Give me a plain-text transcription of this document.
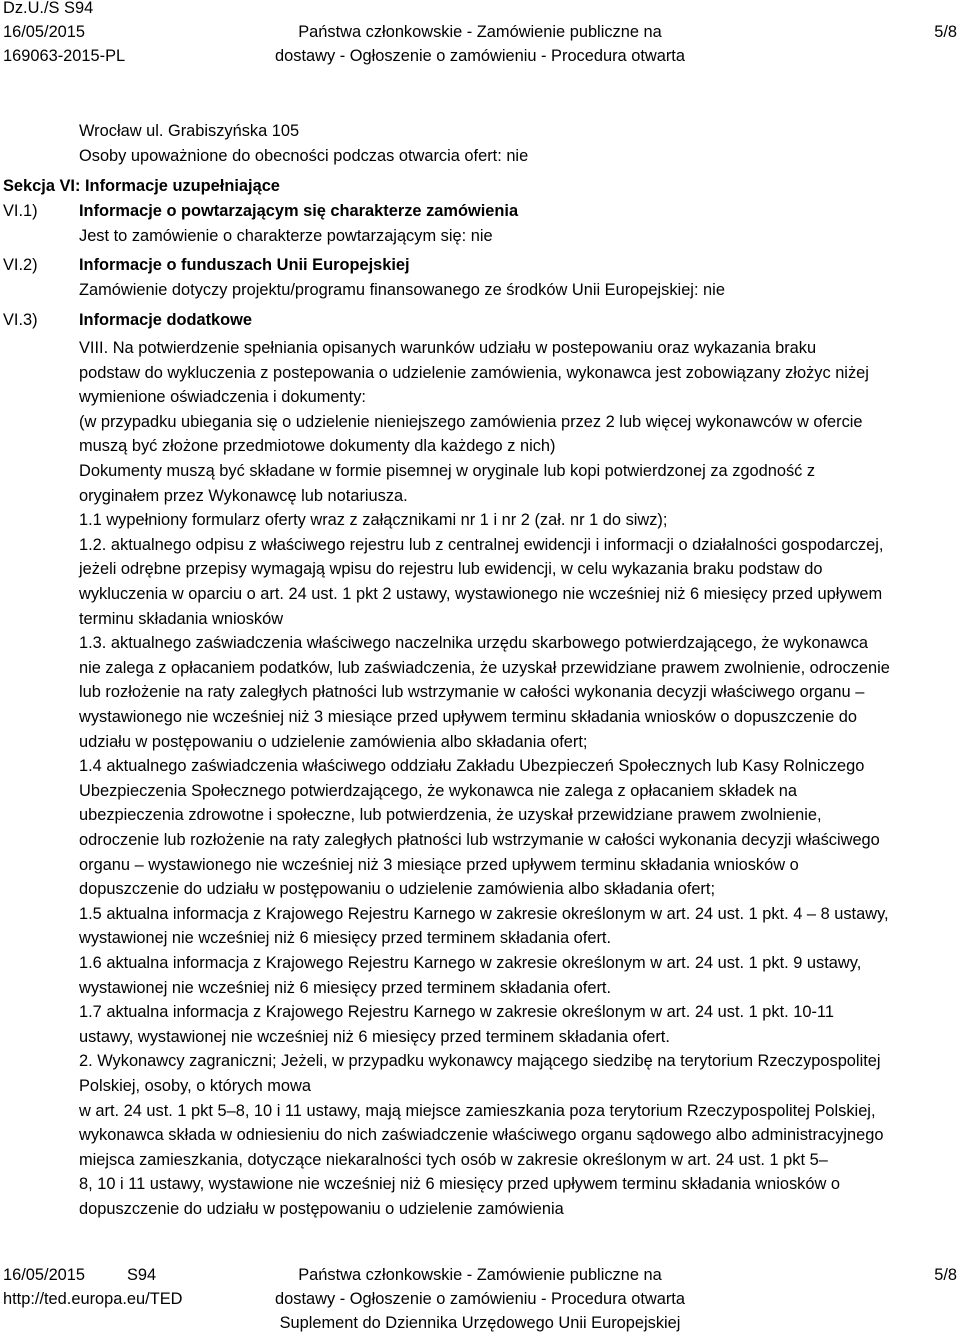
Dz.U./S S94
16/05/2015
169063-2015-PL
Państwa członkowskie - Zamówienie publiczne na
dostawy - Ogłoszenie o zamówieniu - Procedura otwarta
5/8
Wrocław ul. Grabiszyńska 105
Osoby upoważnione do obecności podczas otwarcia ofert: nie
Sekcja VI: Informacje uzupełniające
VI.1)	Informacje o powtarzającym się charakterze zamówienia
Jest to zamówienie o charakterze powtarzającym się: nie
VI.2)	Informacje o funduszach Unii Europejskiej
Zamówienie dotyczy projektu/programu finansowanego ze środków Unii Europejskiej: nie
VI.3)	Informacje dodatkowe
VIII. Na potwierdzenie spełniania opisanych warunków udziału w postepowaniu oraz wykazania braku
podstaw do wykluczenia z postepowania o udzielenie zamówienia, wykonawca jest zobowiązany złożyc niżej
wymienione oświadczenia i dokumenty:
(w przypadku ubiegania się o udzielenie nieniejszego zamówienia przez 2 lub więcej wykonawców w ofercie
muszą być złożone przedmiotowe dokumenty dla każdego z nich)
Dokumenty muszą być składane w formie pisemnej w oryginale lub kopi potwierdzonej za zgodność z
oryginałem przez Wykonawcę lub notariusza.
1.1 wypełniony formularz oferty wraz z załącznikami nr 1 i nr 2 (zał. nr 1 do siwz);
1.2. aktualnego odpisu z właściwego rejestru lub z centralnej ewidencji i informacji o działalności gospodarczej,
jeżeli odrębne przepisy wymagają wpisu do rejestru lub ewidencji, w celu wykazania braku podstaw do
wykluczenia w oparciu o art. 24 ust. 1 pkt 2 ustawy, wystawionego nie wcześniej niż 6 miesięcy przed upływem
terminu składania wniosków
1.3. aktualnego zaświadczenia właściwego naczelnika urzędu skarbowego potwierdzającego, że wykonawca
nie zalega z opłacaniem podatków, lub zaświadczenia, że uzyskał przewidziane prawem zwolnienie, odroczenie
lub rozłożenie na raty zaległych płatności lub wstrzymanie w całości wykonania decyzji właściwego organu –
wystawionego nie wcześniej niż 3 miesiące przed upływem terminu składania wniosków o dopuszczenie do
udziału w postępowaniu o udzielenie zamówienia albo składania ofert;
1.4 aktualnego zaświadczenia właściwego oddziału Zakładu Ubezpieczeń Społecznych lub Kasy Rolniczego
Ubezpieczenia Społecznego potwierdzającego, że wykonawca nie zalega z opłacaniem składek na
ubezpieczenia zdrowotne i społeczne, lub potwierdzenia, że uzyskał przewidziane prawem zwolnienie,
odroczenie lub rozłożenie na raty zaległych płatności lub wstrzymanie w całości wykonania decyzji właściwego
organu – wystawionego nie wcześniej niż 3 miesiące przed upływem terminu składania wniosków o
dopuszczenie do udziału w postępowaniu o udzielenie zamówienia albo składania ofert;
1.5 aktualna informacja z Krajowego Rejestru Karnego w zakresie określonym w art. 24 ust. 1 pkt. 4 – 8 ustawy,
wystawionej nie wcześniej niż 6 miesięcy przed terminem składania ofert.
1.6 aktualna informacja z Krajowego Rejestru Karnego w zakresie określonym w art. 24 ust. 1 pkt. 9 ustawy,
wystawionej nie wcześniej niż 6 miesięcy przed terminem składania ofert.
1.7 aktualna informacja z Krajowego Rejestru Karnego w zakresie określonym w art. 24 ust. 1 pkt. 10-11
ustawy, wystawionej nie wcześniej niż 6 miesięcy przed terminem składania ofert.
2. Wykonawcy zagraniczni; Jeżeli, w przypadku wykonawcy mającego siedzibę na terytorium Rzeczypospolitej
Polskiej, osoby, o których mowa
w art. 24 ust. 1 pkt 5–8, 10 i 11 ustawy, mają miejsce zamieszkania poza terytorium Rzeczypospolitej Polskiej,
wykonawca składa w odniesieniu do nich zaświadczenie właściwego organu sądowego albo administracyjnego
miejsca zamieszkania, dotyczące niekaralności tych osób w zakresie określonym w art. 24 ust. 1 pkt 5–
8, 10 i 11 ustawy, wystawione nie wcześniej niż 6 miesięcy przed upływem terminu składania wniosków o
dopuszczenie do udziału w postępowaniu o udzielenie zamówienia
16/05/2015	S94
http://ted.europa.eu/TED
Państwa członkowskie - Zamówienie publiczne na
dostawy - Ogłoszenie o zamówieniu - Procedura otwarta
Suplement do Dziennika Urzędowego Unii Europejskiej
5/8
